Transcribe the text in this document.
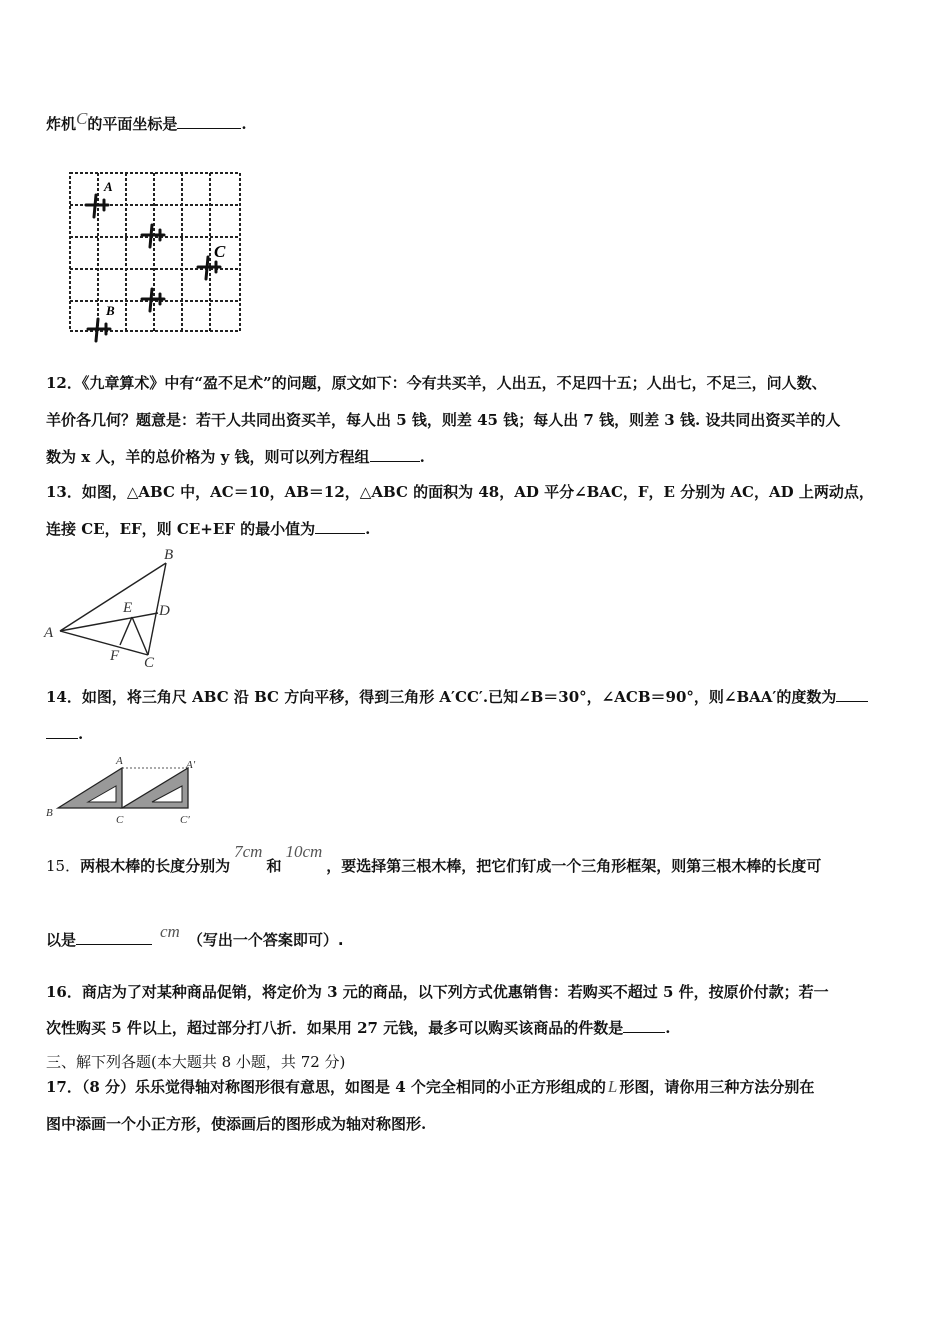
炸机C的平面坐标是	.
A
C
B
12．《九章算术》中有“盈不足术”的问题，原文如下：今有共买羊，人出五，不足四十五；人出七，不足三，问人数、
羊价各几何？题意是：若干人共同出资买羊，每人出 5 钱，则差 45 钱；每人出 7 钱，则差 3 钱. 设共同出资买羊的人
数为 x 人，羊的总价格为 y 钱，则可以列方程组	.
13．如图，△ABC 中，AC＝10，AB＝12，△ABC 的面积为 48，AD 平分∠BAC，F，E 分别为 AC，AD 上两动点，
连接 CE，EF，则 CE+EF 的最小值为	.
A
B
C
D
E
F
14．如图，将三角尺 ABC 沿 BC 方向平移，得到三角形 A′CC′.已知∠B＝30°，∠ACB＝90°，则∠BAA′的度数为
.
A	A′
B
C	C′
15．两根木棒的长度分别为7cm和10cm，要选择第三根木棒，把它们钉成一个三角形框架，则第三根木棒的长度可
以是	cm （写出一个答案即可）.
16．商店为了对某种商品促销，将定价为 3 元的商品，以下列方式优惠销售：若购买不超过 5 件，按原价付款；若一
次性购买 5 件以上，超过部分打八折．如果用 27 元钱，最多可以购买该商品的件数是	.
三、解下列各题(本大题共 8 小题，共 72 分)
17．（8 分）乐乐觉得轴对称图形很有意思，如图是 4 个完全相同的小正方形组成的 L 形图，请你用三种方法分别在
图中添画一个小正方形，使添画后的图形成为轴对称图形.
